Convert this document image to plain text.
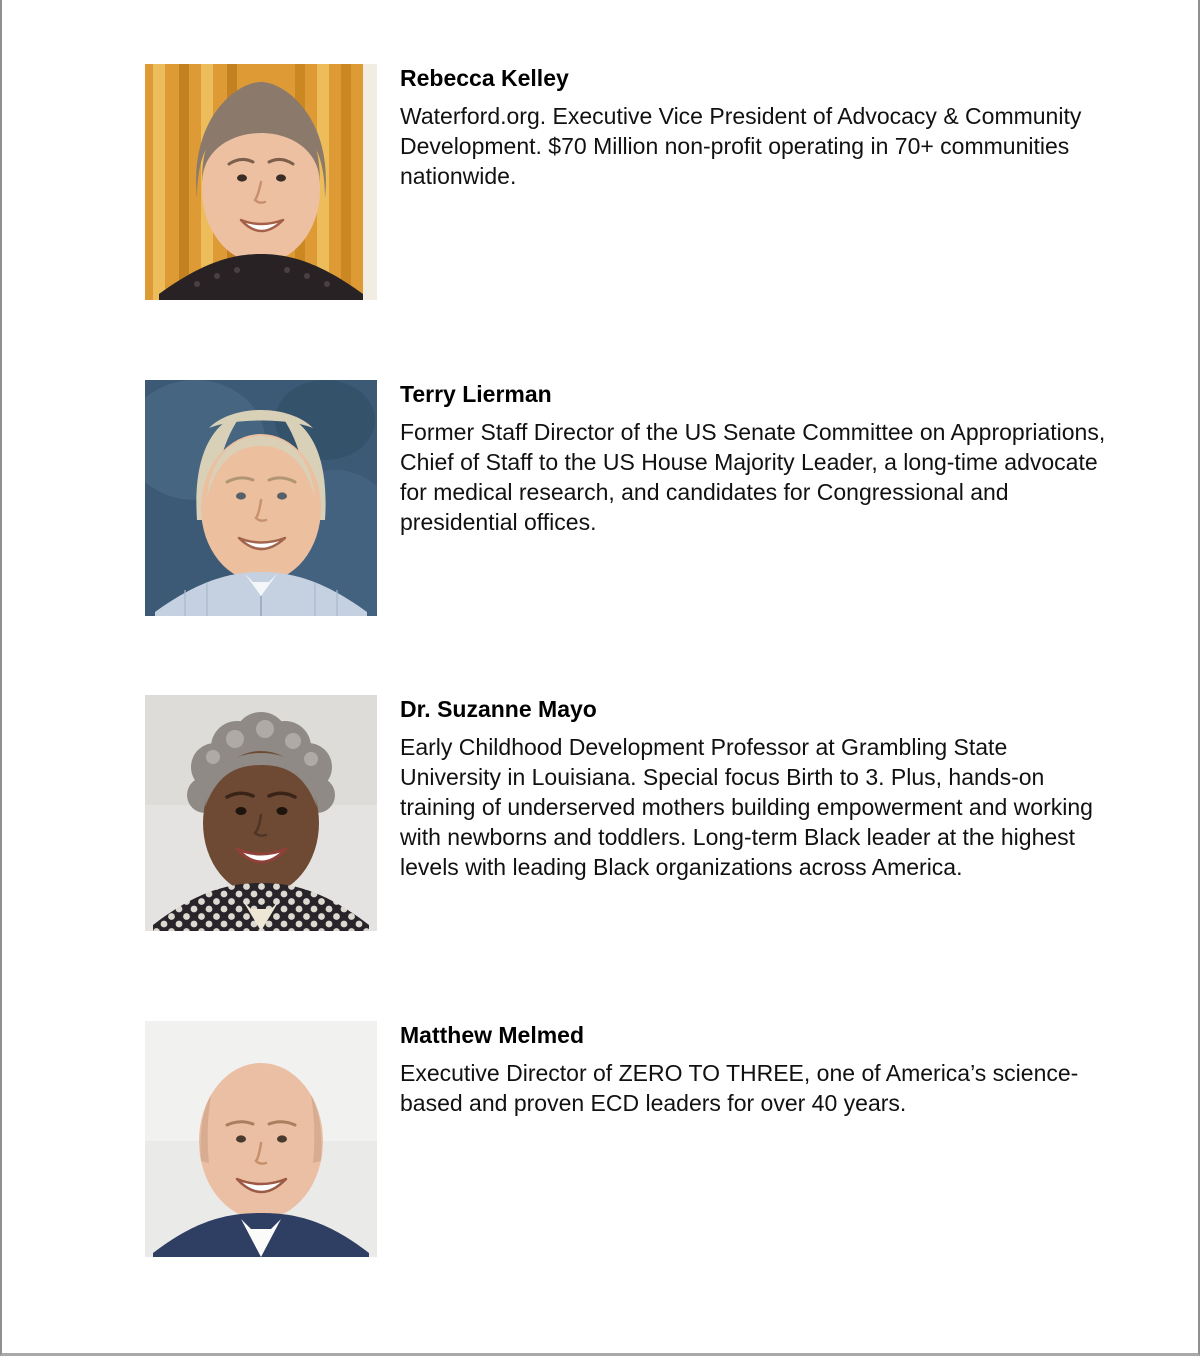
Rebecca Kelley

Waterford.org. Executive Vice President of Advocacy & Community Development. $70 Million non-profit operating in 70+ communities nationwide.

Terry Lierman

Former Staff Director of the US Senate Committee on Appropriations, Chief of Staff to the US House Majority Leader, a long-time advocate for medical research, and candidates for Congressional and presidential offices.

Dr. Suzanne Mayo

Early Childhood Development Professor at Grambling State University in Louisiana. Special focus Birth to 3. Plus, hands-on training of underserved mothers building empowerment and working with newborns and toddlers. Long-term Black leader at the highest levels with leading Black organizations across America.

Matthew Melmed

Executive Director of ZERO TO THREE, one of America’s science-based and proven ECD leaders for over 40 years.
